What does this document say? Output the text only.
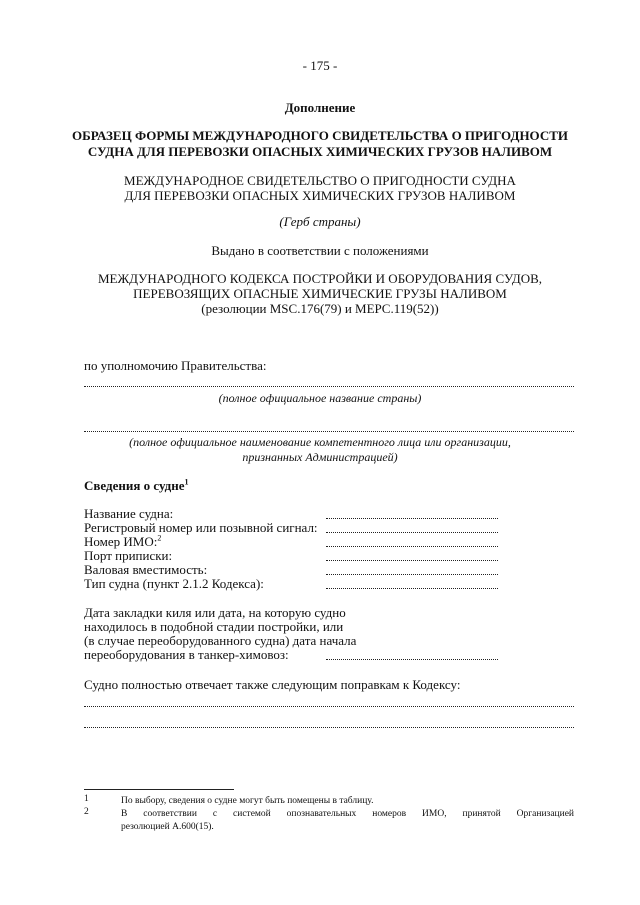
- 175 -
Дополнение
ОБРАЗЕЦ ФОРМЫ МЕЖДУНАРОДНОГО СВИДЕТЕЛЬСТВА О ПРИГОДНОСТИ
СУДНА ДЛЯ ПЕРЕВОЗКИ ОПАСНЫХ ХИМИЧЕСКИХ ГРУЗОВ НАЛИВОМ
МЕЖДУНАРОДНОЕ СВИДЕТЕЛЬСТВО О ПРИГОДНОСТИ СУДНА
ДЛЯ ПЕРЕВОЗКИ ОПАСНЫХ ХИМИЧЕСКИХ ГРУЗОВ НАЛИВОМ
(Герб страны)
Выдано в соответствии с положениями
МЕЖДУНАРОДНОГО КОДЕКСА ПОСТРОЙКИ И ОБОРУДОВАНИЯ СУДОВ,
ПЕРЕВОЗЯЩИХ ОПАСНЫЕ ХИМИЧЕСКИЕ ГРУЗЫ НАЛИВОМ
(резолюции MSC.176(79) и MEPC.119(52))
по уполномочию Правительства:
(полное официальное название страны)
(полное официальное наименование компетентного лица или организации,
признанных Администрацией)
Сведения о судне$^1$
Название судна:
Регистровый номер или позывной сигнал:
Номер ИМО:$^2$
Порт приписки:
Валовая вместимость:
Тип судна (пункт 2.1.2 Кодекса):
Дата закладки киля или дата, на которую судно
находилось в подобной стадии постройки, или
(в случае переоборудованного судна) дата начала
переоборудования в танкер-химовоз:
Судно полностью отвечает также следующим поправкам к Кодексу:
1	По выбору, сведения о судне могут быть помещены в таблицу.
2	В соответствии с системой опознавательных номеров ИМО, принятой Организацией
резолюцией A.600(15).
